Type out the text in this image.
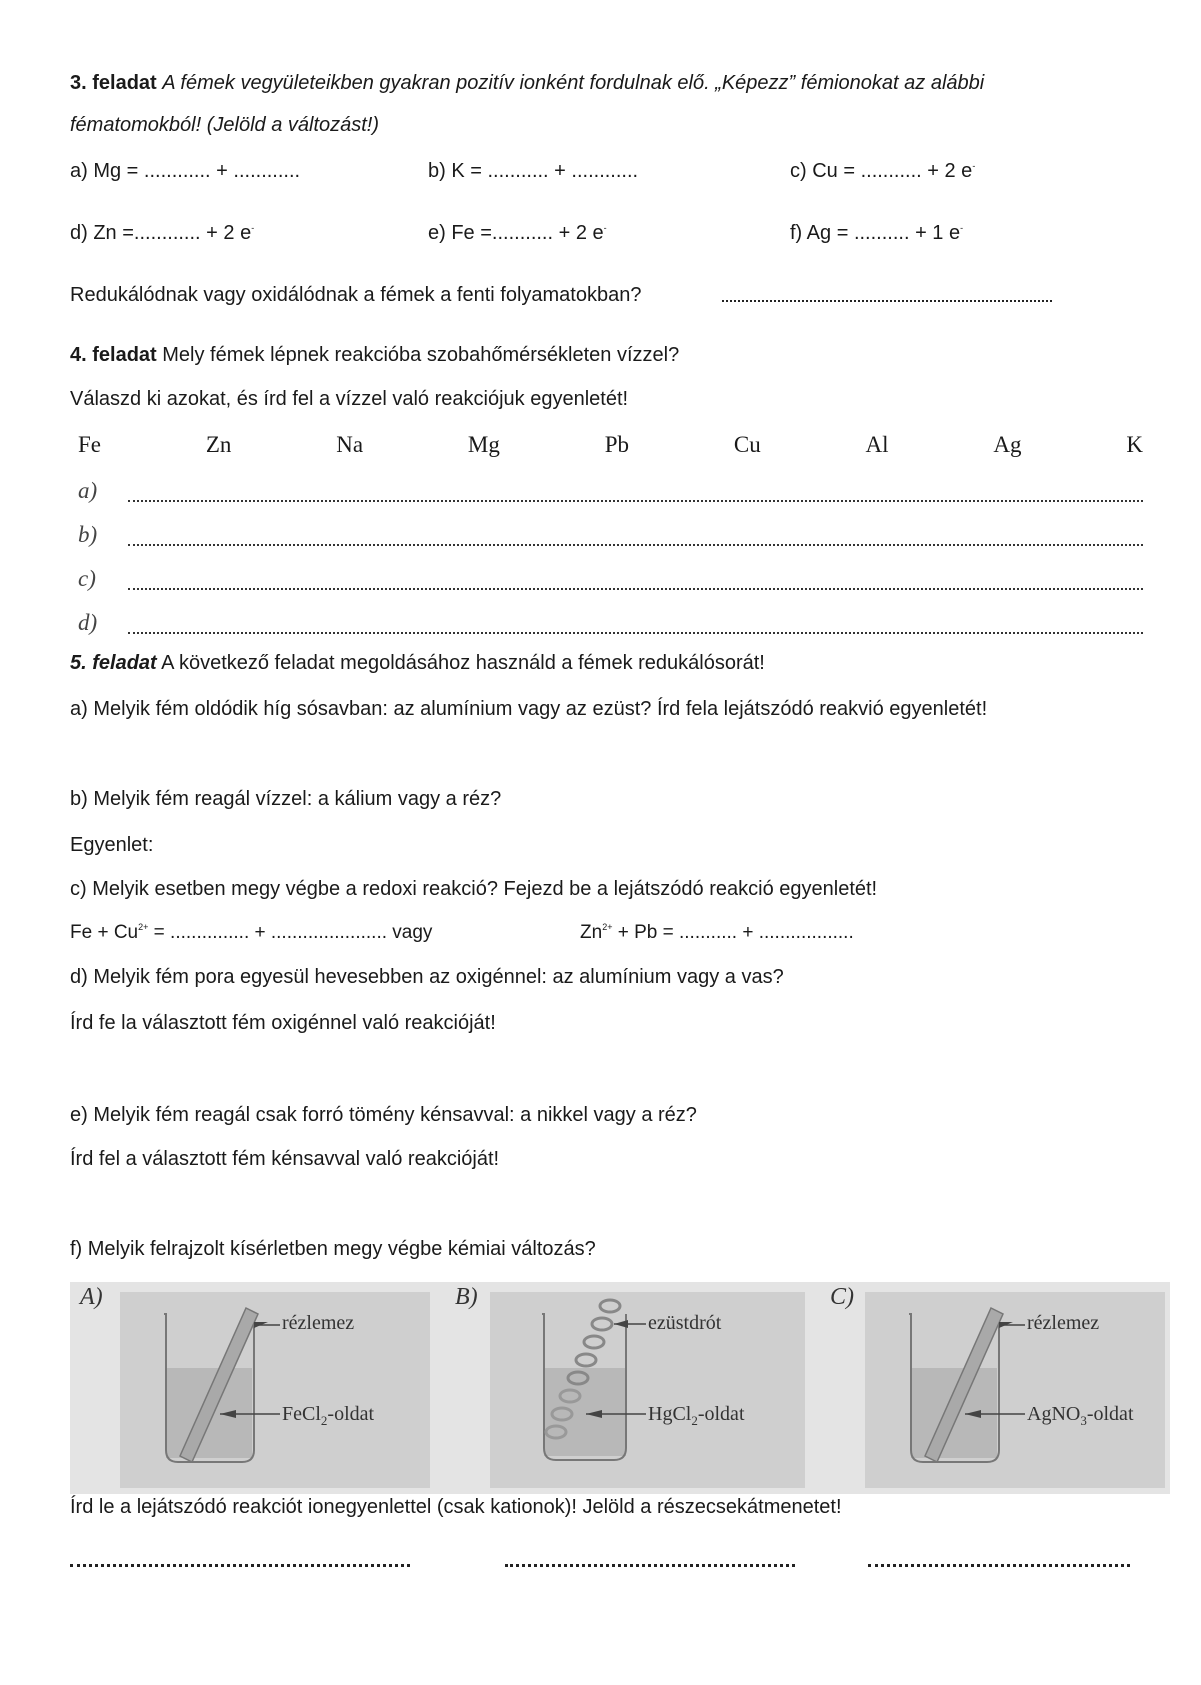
3. feladat A fémek vegyületeikben gyakran pozitív ionként fordulnak elő. „Képezz” fémionokat az alábbi
fématomokból! (Jelöld a változást!)
a) Mg = ............ + ............	b) K = ........... + ............	c) Cu = ........... + 2 e-
d) Zn =............ + 2 e-	e) Fe =........... + 2 e-	f) Ag = .......... + 1 e-
Redukálódnak vagy oxidálódnak a fémek a fenti folyamatokban?
4. feladat Mely fémek lépnek reakcióba szobahőmérsékleten vízzel?
Válaszd ki azokat, és írd fel a vízzel való reakciójuk egyenletét!
Fe	Zn	Na	Mg	Pb	Cu	Al	Ag	K
a)
b)
c)
d)
5. feladat A következő feladat megoldásához használd a fémek redukálósorát!
a) Melyik fém oldódik híg sósavban: az alumínium vagy az ezüst? Írd fela lejátszódó reakvió egyenletét!
b) Melyik fém reagál vízzel: a kálium vagy a réz?
Egyenlet:
c) Melyik esetben megy végbe a redoxi reakció? Fejezd be a lejátszódó reakció egyenletét!
$Fe + Cu^{2+}$ = ............... + ...................... vagy	$Zn^{2+} + Pb$ = ........... + ..................
d) Melyik fém pora egyesül hevesebben az oxigénnel: az alumínium vagy a vas?
Írd fe la választott fém oxigénnel való reakcióját!
e) Melyik fém reagál csak forró tömény kénsavval: a nikkel vagy a réz?
Írd fel a választott fém kénsavval való reakcióját!
f) Melyik felrajzolt kísérletben megy végbe kémiai változás?
A)	B)	C)
rézlemez
FeCl$_2$-oldat
ezüstdrót
HgCl$_2$-oldat
rézlemez
AgNO$_3$-oldat
Írd le a lejátszódó reakciót ionegyenlettel (csak kationok)! Jelöld a részecsekátmenetet!
